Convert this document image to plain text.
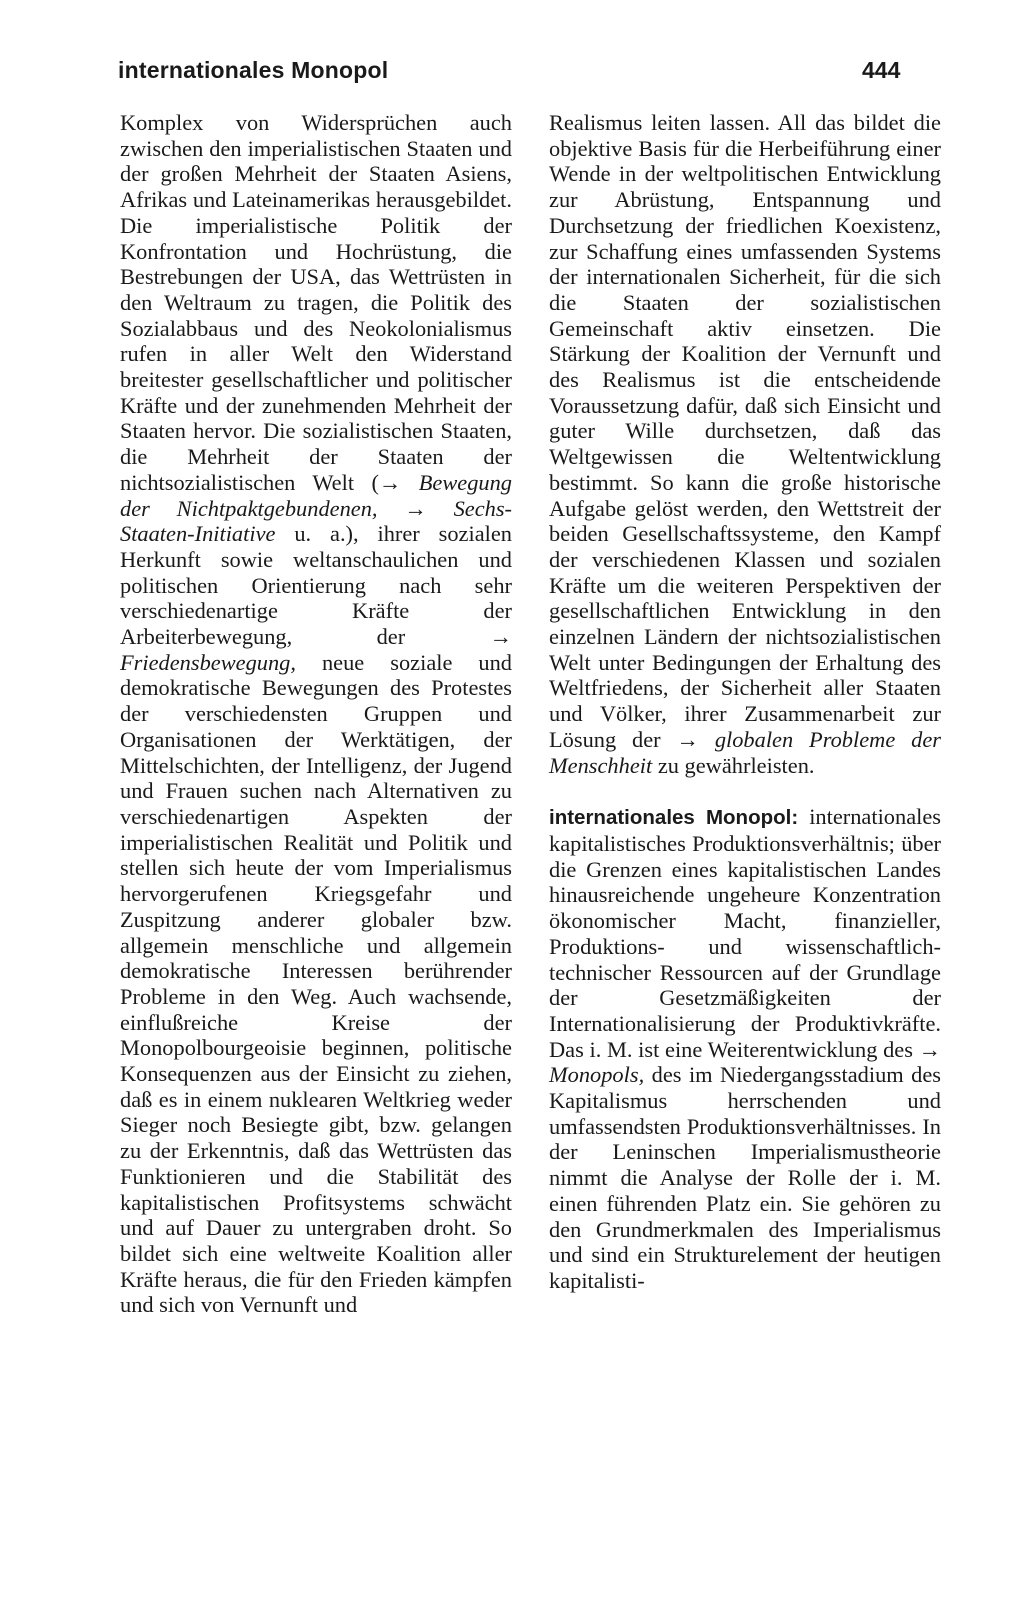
internationales Monopol	444

Komplex von Widersprüchen auch zwischen den imperialistischen Staaten und der großen Mehrheit der Staaten Asiens, Afrikas und Lateinamerikas herausgebildet. Die imperialistische Politik der Konfrontation und Hochrüstung, die Bestrebungen der USA, das Wettrüsten in den Weltraum zu tragen, die Politik des Sozialabbaus und des Neokolonialismus rufen in aller Welt den Widerstand breitester gesellschaftlicher und politischer Kräfte und der zunehmenden Mehrheit der Staaten hervor. Die sozialistischen Staaten, die Mehrheit der Staaten der nichtsozialistischen Welt (→ Bewegung der Nichtpaktgebundenen, → Sechs-Staaten-Initiative u. a.), ihrer sozialen Herkunft sowie weltanschaulichen und politischen Orientierung nach sehr verschiedenartige Kräfte der Arbeiterbewegung, der → Friedensbewegung, neue soziale und demokratische Bewegungen des Protestes der verschiedensten Gruppen und Organisationen der Werktätigen, der Mittelschichten, der Intelligenz, der Jugend und Frauen suchen nach Alternativen zu verschiedenartigen Aspekten der imperialistischen Realität und Politik und stellen sich heute der vom Imperialismus hervorgerufenen Kriegsgefahr und Zuspitzung anderer globaler bzw. allgemein menschliche und allgemein demokratische Interessen berührender Probleme in den Weg. Auch wachsende, einflußreiche Kreise der Monopolbourgeoisie beginnen, politische Konsequenzen aus der Einsicht zu ziehen, daß es in einem nuklearen Weltkrieg weder Sieger noch Besiegte gibt, bzw. gelangen zu der Erkenntnis, daß das Wettrüsten das Funktionieren und die Stabilität des kapitalistischen Profitsystems schwächt und auf Dauer zu untergraben droht. So bildet sich eine weltweite Koalition aller Kräfte heraus, die für den Frieden kämpfen und sich von Vernunft und

Realismus leiten lassen. All das bildet die objektive Basis für die Herbeiführung einer Wende in der weltpolitischen Entwicklung zur Abrüstung, Entspannung und Durchsetzung der friedlichen Koexistenz, zur Schaffung eines umfassenden Systems der internationalen Sicherheit, für die sich die Staaten der sozialistischen Gemeinschaft aktiv einsetzen. Die Stärkung der Koalition der Vernunft und des Realismus ist die entscheidende Voraussetzung dafür, daß sich Einsicht und guter Wille durchsetzen, daß das Weltgewissen die Weltentwicklung bestimmt. So kann die große historische Aufgabe gelöst werden, den Wettstreit der beiden Gesellschaftssysteme, den Kampf der verschiedenen Klassen und sozialen Kräfte um die weiteren Perspektiven der gesellschaftlichen Entwicklung in den einzelnen Ländern der nichtsozialistischen Welt unter Bedingungen der Erhaltung des Weltfriedens, der Sicherheit aller Staaten und Völker, ihrer Zusammenarbeit zur Lösung der → globalen Probleme der Menschheit zu gewährleisten.

internationales Monopol: internationales kapitalistisches Produktionsverhältnis; über die Grenzen eines kapitalistischen Landes hinausreichende ungeheure Konzentration ökonomischer Macht, finanzieller, Produktions- und wissenschaftlich-technischer Ressourcen auf der Grundlage der Gesetzmäßigkeiten der Internationalisierung der Produktivkräfte. Das i. M. ist eine Weiterentwicklung des → Monopols, des im Niedergangsstadium des Kapitalismus herrschenden und umfassendsten Produktionsverhältnisses. In der Leninschen Imperialismustheorie nimmt die Analyse der Rolle der i. M. einen führenden Platz ein. Sie gehören zu den Grundmerkmalen des Imperialismus und sind ein Strukturelement der heutigen kapitalisti-
